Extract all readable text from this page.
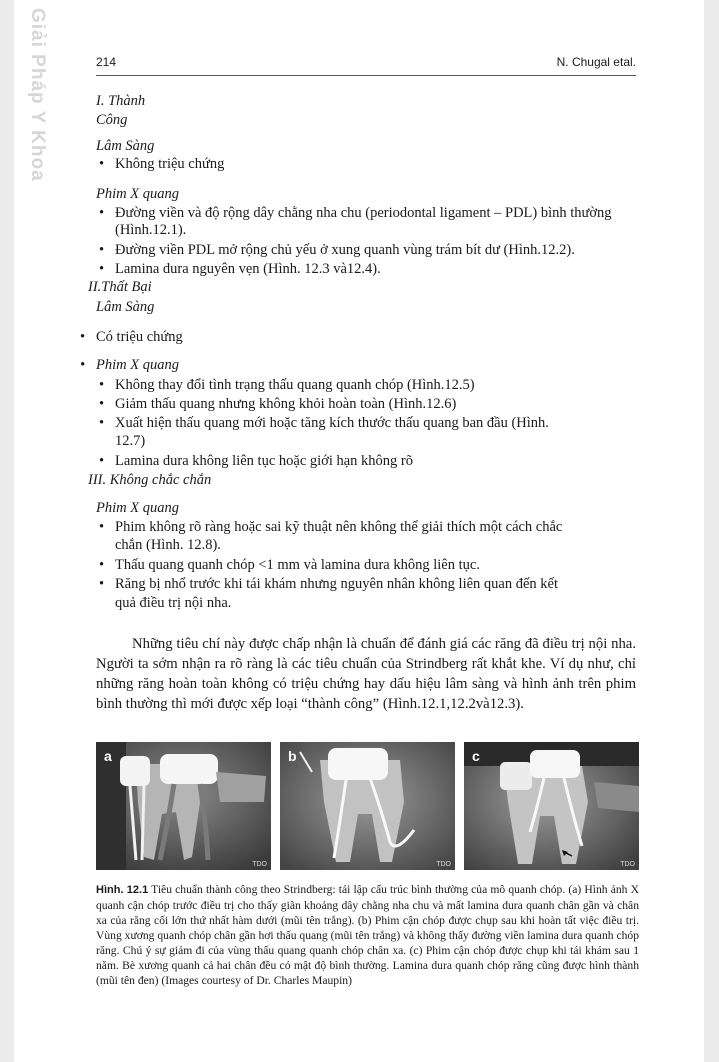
Giải Pháp Y Khoa	214	N. Chugal etal.
I. Thành
Công
Lâm Sàng
• Không triệu chứng
Phim X quang
• Đường viền và độ rộng dây chằng nha chu (periodontal ligament – PDL) bình thường
(Hình.12.1).
• Đường viền PDL mở rộng chủ yếu ở xung quanh vùng trám bít dư (Hình.12.2).
• Lamina dura nguyên vẹn (Hình. 12.3 và12.4).
II.Thất Bại
Lâm Sàng
• Có triệu chứng
• Phim X quang
• Không thay đổi tình trạng thấu quang quanh chóp (Hình.12.5)
• Giảm thấu quang nhưng không khỏi hoàn toàn (Hình.12.6)
• Xuất hiện thấu quang mới hoặc tăng kích thước thấu quang ban đầu (Hình.
12.7)
• Lamina dura không liên tục hoặc giới hạn không rõ
III. Không chắc chắn
Phim X quang
• Phim không rõ ràng hoặc sai kỹ thuật nên không thể giải thích một cách chắc
chắn (Hình. 12.8).
• Thấu quang quanh chóp <1 mm và lamina dura không liên tục.
• Răng bị nhổ trước khi tái khám nhưng nguyên nhân không liên quan đến kết
quả điều trị nội nha.
Những tiêu chí này được chấp nhận là chuẩn để đánh giá các răng đã điều trị nội nha. Người ta sớm nhận ra rõ ràng là các tiêu chuẩn của Strindberg rất khắt khe. Ví dụ như, chỉ những răng hoàn toàn không có triệu chứng hay dấu hiệu lâm sàng và hình ảnh trên phim bình thường thì mới được xếp loại “thành công” (Hình.12.1,12.2và12.3).
a
TDO
b
TDO
c
TDO
Hình. 12.1 Tiêu chuẩn thành công theo Strindberg: tái lập cấu trúc bình thường của mô quanh chóp. (a) Hình ảnh X quanh cận chóp trước điều trị cho thấy giãn khoảng dây chằng nha chu và mất lamina dura quanh chân gần và chân xa của răng cối lớn thứ nhất hàm dưới (mũi tên trắng). (b) Phim cận chóp được chụp sau khi hoàn tất việc điều trị. Vùng xương quanh chóp chân gần hơi thấu quang (mũi tên trắng) và không thấy đường viền lamina dura quanh chóp răng. Chú ý sự giảm đi của vùng thấu quang quanh chóp chân xa. (c) Phim cận chóp được chụp khi tái khám sau 1 năm. Bè xương quanh cả hai chân đều có mật độ bình thường. Lamina dura quanh chóp răng cũng được hình thành (mũi tên đen) (Images courtesy of Dr. Charles Maupin)
